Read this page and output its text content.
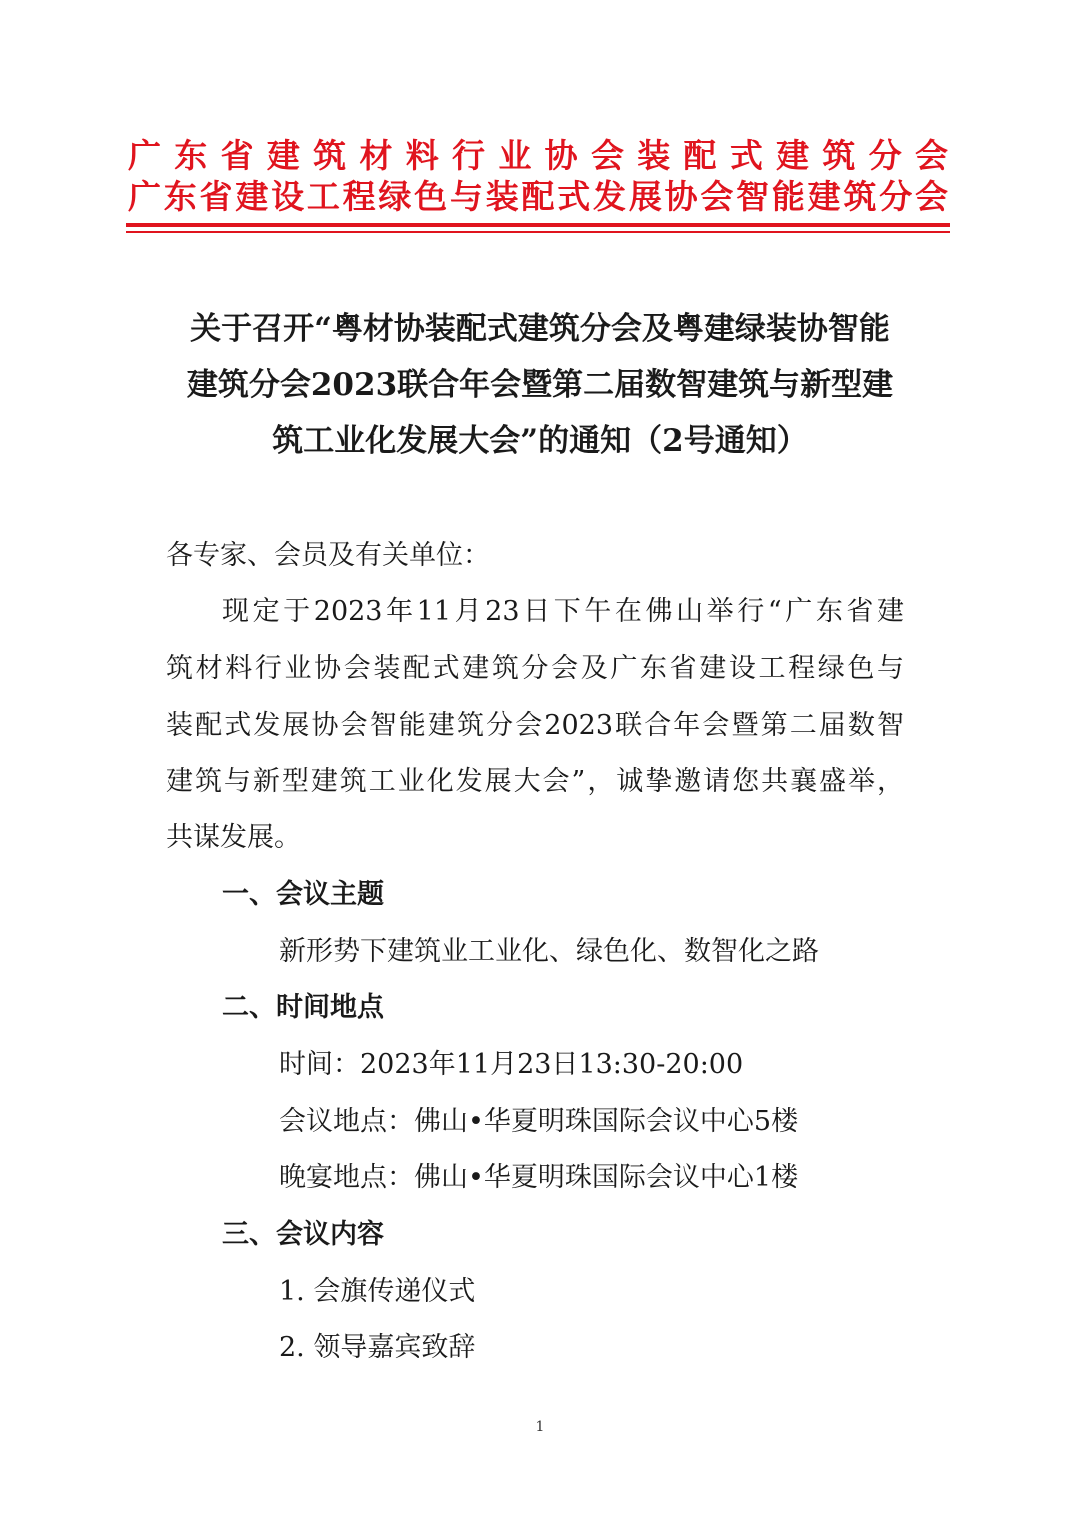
广东省建筑材料行业协会装配式建筑分会
广东省建设工程绿色与装配式发展协会智能建筑分会
关于召开“粤材协装配式建筑分会及粤建绿装协智能
建筑分会2023联合年会暨第二届数智建筑与新型建
筑工业化发展大会”的通知（2号通知）
各专家、会员及有关单位：
现定于2023年11月23日下午在佛山举行“广东省建
筑材料行业协会装配式建筑分会及广东省建设工程绿色与
装配式发展协会智能建筑分会2023联合年会暨第二届数智
建筑与新型建筑工业化发展大会”，诚挚邀请您共襄盛举，
共谋发展。
一、会议主题
新形势下建筑业工业化、绿色化、数智化之路
二、时间地点
时间：2023年11月23日13:30-20:00
会议地点：佛山•华夏明珠国际会议中心5楼
晚宴地点：佛山•华夏明珠国际会议中心1楼
三、会议内容
1. 会旗传递仪式
2. 领导嘉宾致辞
1
